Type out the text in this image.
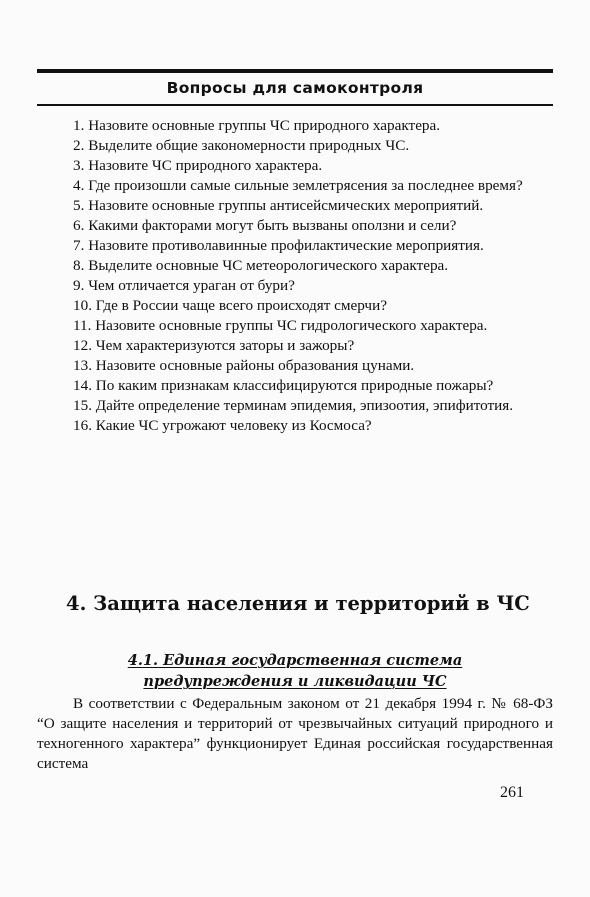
Вопросы для самоконтроля

1. Назовите основные группы ЧС природного характера.

2. Выделите общие закономерности природных ЧС.

3. Назовите ЧС природного характера.

4. Где произошли самые сильные землетрясения за последнее время?

5. Назовите основные группы антисейсмических мероприятий.

6. Какими факторами могут быть вызваны оползни и сели?

7. Назовите противолавинные профилактические мероприятия.

8. Выделите основные ЧС метеорологического характера.

9. Чем отличается ураган от бури?

10. Где в России чаще всего происходят смерчи?

11. Назовите основные группы ЧС гидрологического характера.

12. Чем характеризуются заторы и зажоры?

13. Назовите основные районы образования цунами.

14. По каким признакам классифицируются природные пожары?

15. Дайте определение терминам эпидемия, эпизоотия, эпифитотия.

16. Какие ЧС угрожают человеку из Космоса?

4. Защита населения и территорий в ЧС
4.1. Единая государственная система
предупреждения и ликвидации ЧС

В соответствии с Федеральным законом от 21 декабря 1994 г. № 68-ФЗ “О защите населения и территорий от чрезвычайных ситуаций природного и техногенного характера” функционирует Единая российская государственная система

261
